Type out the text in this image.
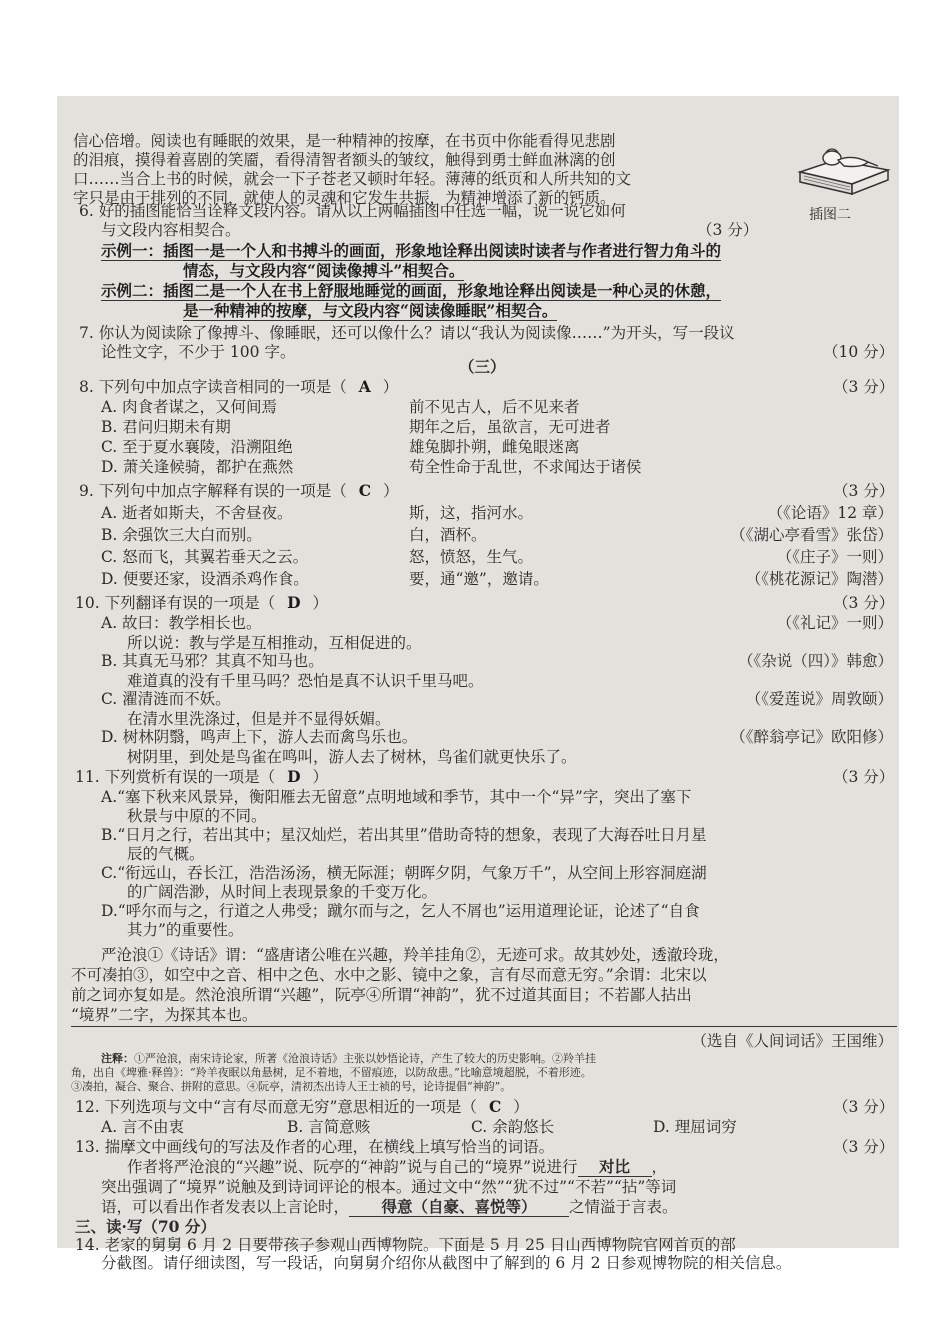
信心倍增。阅读也有睡眠的效果，是一种精神的按摩，在书页中你能看得见悲剧
的泪痕，摸得着喜剧的笑靥，看得清智者额头的皱纹，触得到勇士鲜血淋漓的创
口……当合上书的时候，就会一下子苍老又顿时年轻。薄薄的纸页和人所共知的文
字只是由于排列的不同，就使人的灵魂和它发生共振，为精神增添了新的钙质。
插图二
6. 好的插图能恰当诠释文段内容。请从以上两幅插图中任选一幅，说一说它如何
与文段内容相契合。	（3 分）
示例一：插图一是一个人和书搏斗的画面，形象地诠释出阅读时读者与作者进行智力角斗的
情态，与文段内容“阅读像搏斗”相契合。
示例二：插图二是一个人在书上舒服地睡觉的画面，形象地诠释出阅读是一种心灵的休憩，
是一种精神的按摩，与文段内容“阅读像睡眠”相契合。
7. 你认为阅读除了像搏斗、像睡眠，还可以像什么？请以“我认为阅读像……”为开头，写一段议
论性文字，不少于 100 字。	（10 分）
（三）
8. 下列句中加点字读音相同的一项是（ A ）	（3 分）
A. 肉食者谋之，又何间焉	前不见古人，后不见来者
B. 君问归期未有期	期年之后，虽欲言，无可进者
C. 至于夏水襄陵，沿溯阻绝	雄兔脚扑朔，雌兔眼迷离
D. 萧关逢候骑，都护在燕然	苟全性命于乱世，不求闻达于诸侯
9. 下列句中加点字解释有误的一项是（ C ）	（3 分）
A. 逝者如斯夫，不舍昼夜。	斯，这，指河水。	（《论语》12 章）
B. 余强饮三大白而别。	白，酒杯。	（《湖心亭看雪》张岱）
C. 怒而飞，其翼若垂天之云。	怒，愤怒，生气。	（《庄子》一则）
D. 便要还家，设酒杀鸡作食。	要，通“邀”，邀请。	（《桃花源记》陶潜）
10. 下列翻译有误的一项是（ D ）	（3 分）
A. 故曰：教学相长也。	（《礼记》一则）
所以说：教与学是互相推动，互相促进的。
B. 其真无马邪？其真不知马也。	（《杂说（四）》韩愈）
难道真的没有千里马吗？恐怕是真不认识千里马吧。
C. 濯清涟而不妖。	（《爱莲说》周敦颐）
在清水里洗涤过，但是并不显得妖媚。
D. 树林阴翳，鸣声上下，游人去而禽鸟乐也。	（《醉翁亭记》欧阳修）
树阴里，到处是鸟雀在鸣叫，游人去了树林，鸟雀们就更快乐了。
11. 下列赏析有误的一项是（ D ）	（3 分）
A.“塞下秋来风景异，衡阳雁去无留意”点明地域和季节，其中一个“异”字，突出了塞下
秋景与中原的不同。
B.“日月之行，若出其中；星汉灿烂，若出其里”借助奇特的想象，表现了大海吞吐日月星
辰的气概。
C.“衔远山，吞长江，浩浩汤汤，横无际涯；朝晖夕阴，气象万千”，从空间上形容洞庭湖
的广阔浩渺，从时间上表现景象的千变万化。
D.“呼尔而与之，行道之人弗受；蹴尔而与之，乞人不屑也”运用道理论证，论述了“自食
其力”的重要性。
严沧浪①《诗话》谓：“盛唐诸公唯在兴趣，羚羊挂角②，无迹可求。故其妙处，透澈玲珑，
不可凑拍③，如空中之音、相中之色、水中之影、镜中之象，言有尽而意无穷。”余谓：北宋以
前之词亦复如是。然沧浪所谓“兴趣”，阮亭④所谓“神韵”，犹不过道其面目；不若鄙人拈出
“境界”二字，为探其本也。
（选自《人间词话》王国维）
注释：①严沧浪，南宋诗论家，所著《沧浪诗话》主张以妙悟论诗，产生了较大的历史影响。②羚羊挂
角，出自《埤雅·释兽》：“羚羊夜眠以角悬树，足不着地，不留痕迹，以防敌患。”比喻意境超脱，不着形迹。
③凑拍，凝合、聚合、拼附的意思。④阮亭，清初杰出诗人王士祯的号，论诗提倡“神韵”。
12. 下列选项与文中“言有尽而意无穷”意思相近的一项是（ C ）	（3 分）
A. 言不由衷	B. 言简意赅	C. 余韵悠长	D. 理屈词穷
13. 揣摩文中画线句的写法及作者的心理，在横线上填写恰当的词语。	（3 分）
作者将严沧浪的“兴趣”说、阮亭的“神韵”说与自己的“境界”说进行 对比 ，
突出强调了“境界”说触及到诗词评论的根本。通过文中“然”“犹不过”“不若”“拈”等词
语，可以看出作者发表以上言论时， 得意（自豪、喜悦等） 之情溢于言表。
三、读·写（70 分）
14. 老家的舅舅 6 月 2 日要带孩子参观山西博物院。下面是 5 月 25 日山西博物院官网首页的部
分截图。请仔细读图，写一段话，向舅舅介绍你从截图中了解到的 6 月 2 日参观博物院的相关信息。
